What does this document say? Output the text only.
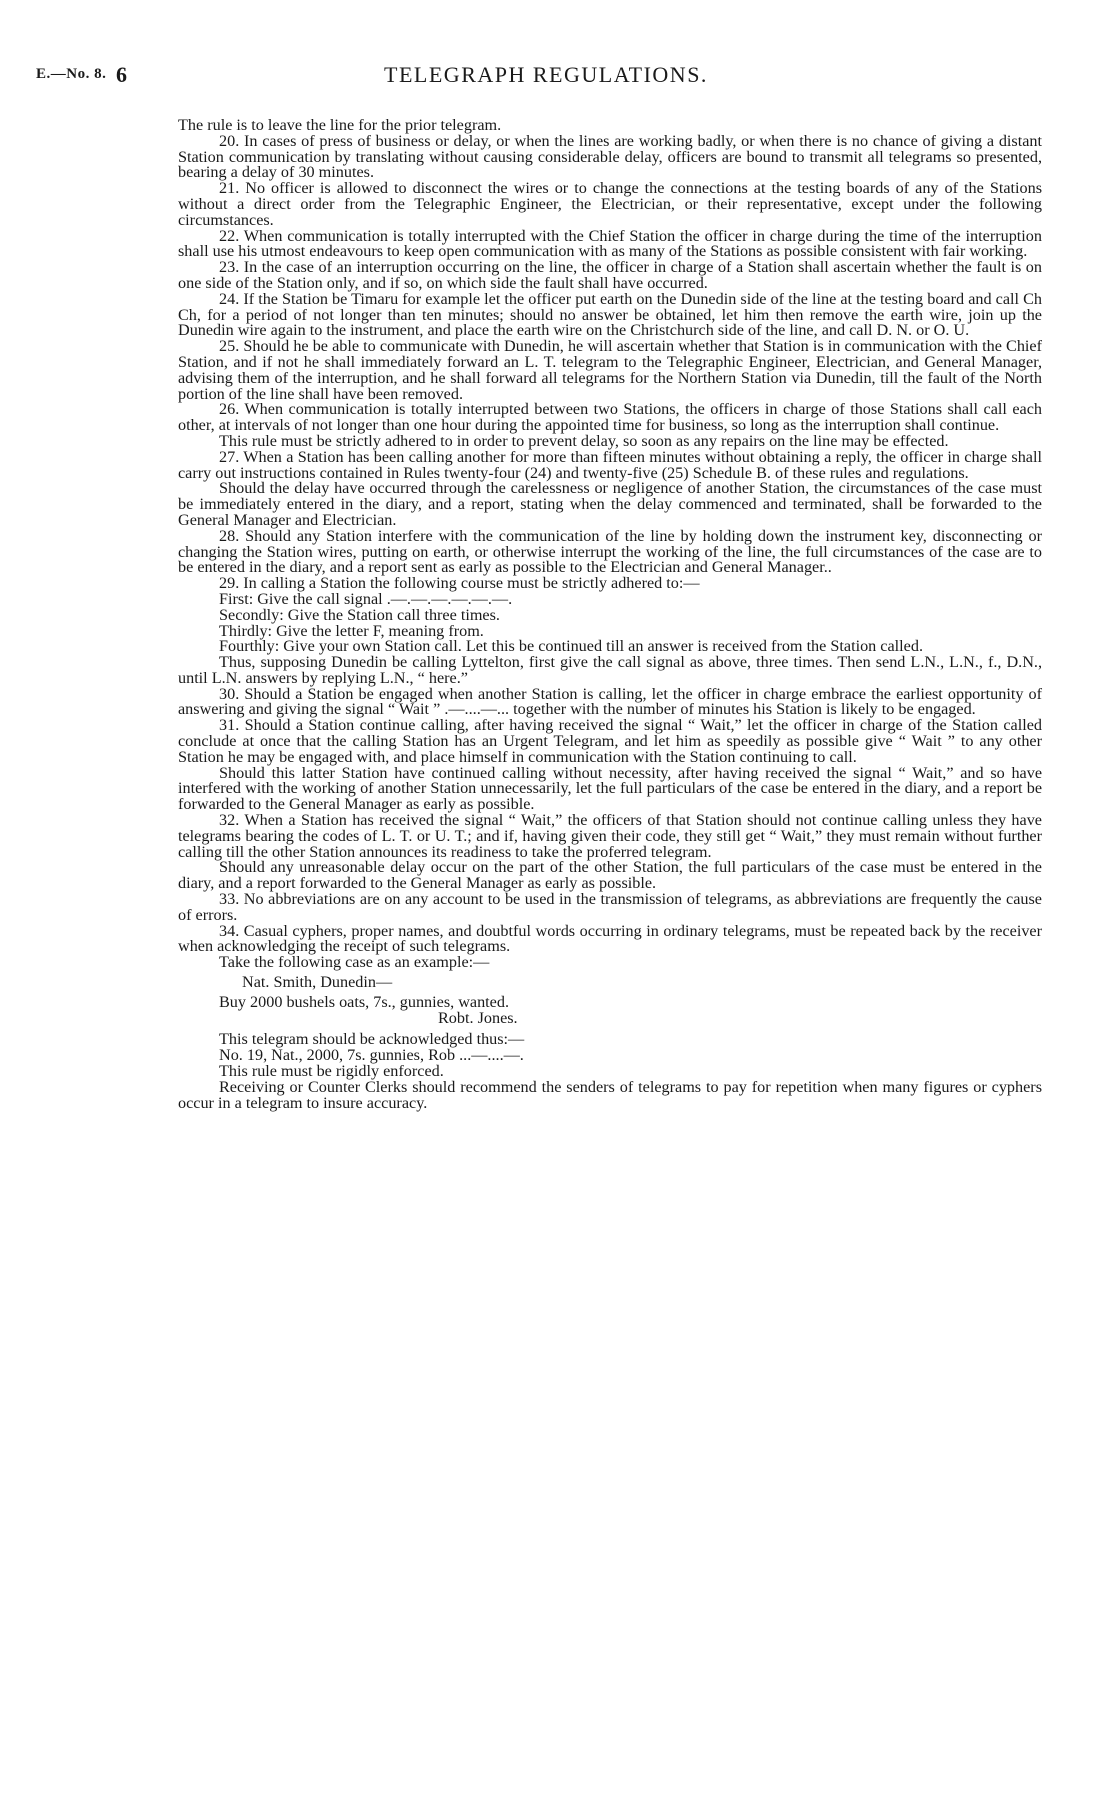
E.—No. 8. 6	TELEGRAPH REGULATIONS.

The rule is to leave the line for the prior telegram.

20. In cases of press of business or delay, or when the lines are working badly, or when there is no chance of giving a distant Station communication by translating without causing considerable delay, officers are bound to transmit all telegrams so presented, bearing a delay of 30 minutes.

21. No officer is allowed to disconnect the wires or to change the connections at the testing boards of any of the Stations without a direct order from the Telegraphic Engineer, the Electrician, or their representative, except under the following circumstances.

22. When communication is totally interrupted with the Chief Station the officer in charge during the time of the interruption shall use his utmost endeavours to keep open communication with as many of the Stations as possible consistent with fair working.

23. In the case of an interruption occurring on the line, the officer in charge of a Station shall ascertain whether the fault is on one side of the Station only, and if so, on which side the fault shall have occurred.

24. If the Station be Timaru for example let the officer put earth on the Dunedin side of the line at the testing board and call Ch Ch, for a period of not longer than ten minutes; should no answer be obtained, let him then remove the earth wire, join up the Dunedin wire again to the instrument, and place the earth wire on the Christchurch side of the line, and call D. N. or O. U.

25. Should he be able to communicate with Dunedin, he will ascertain whether that Station is in communication with the Chief Station, and if not he shall immediately forward an L. T. telegram to the Telegraphic Engineer, Electrician, and General Manager, advising them of the interruption, and he shall forward all telegrams for the Northern Station via Dunedin, till the fault of the North portion of the line shall have been removed.

26. When communication is totally interrupted between two Stations, the officers in charge of those Stations shall call each other, at intervals of not longer than one hour during the appointed time for business, so long as the interruption shall continue.

This rule must be strictly adhered to in order to prevent delay, so soon as any repairs on the line may be effected.

27. When a Station has been calling another for more than fifteen minutes without obtaining a reply, the officer in charge shall carry out instructions contained in Rules twenty-four (24) and twenty-five (25) Schedule B. of these rules and regulations.

Should the delay have occurred through the carelessness or negligence of another Station, the circumstances of the case must be immediately entered in the diary, and a report, stating when the delay commenced and terminated, shall be forwarded to the General Manager and Electrician.

28. Should any Station interfere with the communication of the line by holding down the instrument key, disconnecting or changing the Station wires, putting on earth, or otherwise interrupt the working of the line, the full circumstances of the case are to be entered in the diary, and a report sent as early as possible to the Electrician and General Manager..

29. In calling a Station the following course must be strictly adhered to:—

First: Give the call signal .—.—.—.—.—.—.

Secondly: Give the Station call three times.

Thirdly: Give the letter F, meaning from.

Fourthly: Give your own Station call. Let this be continued till an answer is received from the Station called.

Thus, supposing Dunedin be calling Lyttelton, first give the call signal as above, three times. Then send L.N., L.N., f., D.N., until L.N. answers by replying L.N., “ here.”

30. Should a Station be engaged when another Station is calling, let the officer in charge embrace the earliest opportunity of answering and giving the signal “ Wait ” .—....—... together with the number of minutes his Station is likely to be engaged.

31. Should a Station continue calling, after having received the signal “ Wait,” let the officer in charge of the Station called conclude at once that the calling Station has an Urgent Telegram, and let him as speedily as possible give “ Wait ” to any other Station he may be engaged with, and place himself in communication with the Station continuing to call.

Should this latter Station have continued calling without necessity, after having received the signal “ Wait,” and so have interfered with the working of another Station unnecessarily, let the full particulars of the case be entered in the diary, and a report be forwarded to the General Manager as early as possible.

32. When a Station has received the signal “ Wait,” the officers of that Station should not continue calling unless they have telegrams bearing the codes of L. T. or U. T.; and if, having given their code, they still get “ Wait,” they must remain without further calling till the other Station announces its readiness to take the proferred telegram.

Should any unreasonable delay occur on the part of the other Station, the full particulars of the case must be entered in the diary, and a report forwarded to the General Manager as early as possible.

33. No abbreviations are on any account to be used in the transmission of telegrams, as abbreviations are frequently the cause of errors.

34. Casual cyphers, proper names, and doubtful words occurring in ordinary telegrams, must be repeated back by the receiver when acknowledging the receipt of such telegrams.

Take the following case as an example:—

Nat. Smith, Dunedin—

Buy 2000 bushels oats, 7s., gunnies, wanted.

Robt. Jones.

This telegram should be acknowledged thus:—

No. 19, Nat., 2000, 7s. gunnies, Rob ...—....—.

This rule must be rigidly enforced.

Receiving or Counter Clerks should recommend the senders of telegrams to pay for repetition when many figures or cyphers occur in a telegram to insure accuracy.
